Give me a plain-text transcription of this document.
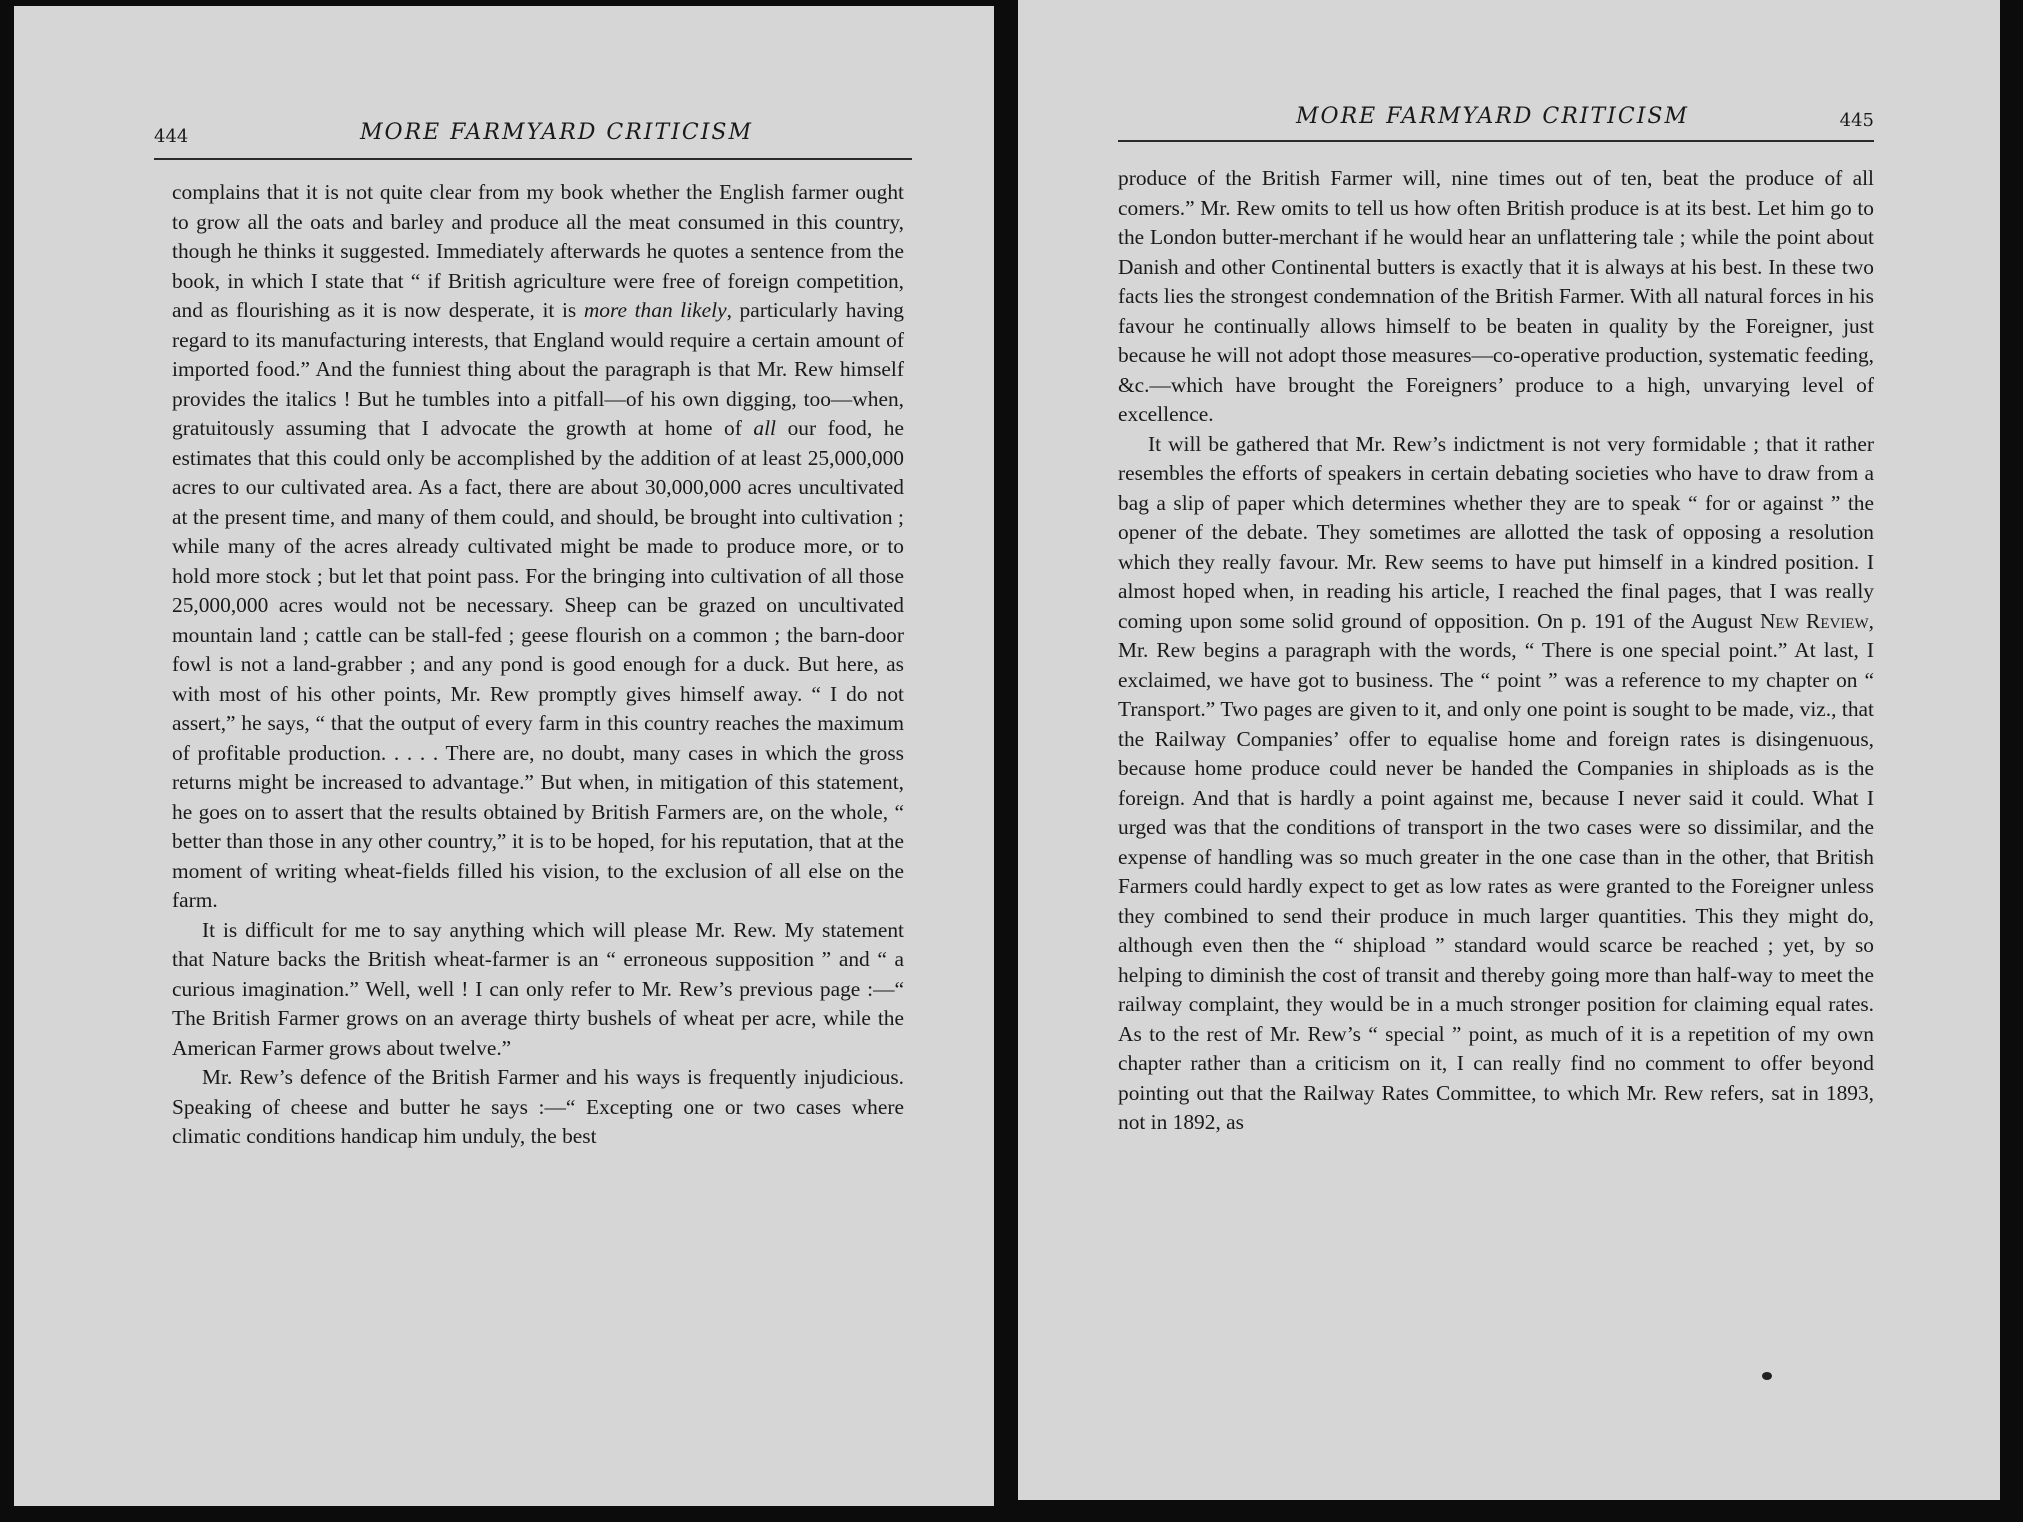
444	MORE FARMYARD CRITICISM

complains that it is not quite clear from my book whether the English farmer ought to grow all the oats and barley and produce all the meat consumed in this country, though he thinks it suggested. Immediately afterwards he quotes a sentence from the book, in which I state that “ if British agriculture were free of foreign competition, and as flourishing as it is now desperate, it is more than likely, particularly having regard to its manufacturing interests, that England would require a certain amount of imported food.” And the funniest thing about the paragraph is that Mr. Rew himself provides the italics ! But he tumbles into a pitfall—of his own digging, too—when, gratuitously assuming that I advocate the growth at home of all our food, he estimates that this could only be accomplished by the addition of at least 25,000,000 acres to our cultivated area. As a fact, there are about 30,000,000 acres uncultivated at the present time, and many of them could, and should, be brought into cultivation ; while many of the acres already cultivated might be made to produce more, or to hold more stock ; but let that point pass. For the bringing into cultivation of all those 25,000,000 acres would not be necessary. Sheep can be grazed on uncultivated mountain land ; cattle can be stall-fed ; geese flourish on a common ; the barn-door fowl is not a land-grabber ; and any pond is good enough for a duck. But here, as with most of his other points, Mr. Rew promptly gives himself away. “ I do not assert,” he says, “ that the output of every farm in this country reaches the maximum of profitable production. . . . . There are, no doubt, many cases in which the gross returns might be increased to advantage.” But when, in mitigation of this statement, he goes on to assert that the results obtained by British Farmers are, on the whole, “ better than those in any other country,” it is to be hoped, for his reputation, that at the moment of writing wheat-fields filled his vision, to the exclusion of all else on the farm.

It is difficult for me to say anything which will please Mr. Rew. My statement that Nature backs the British wheat-farmer is an “ erroneous supposition ” and “ a curious imagination.” Well, well ! I can only refer to Mr. Rew’s previous page :—“ The British Farmer grows on an average thirty bushels of wheat per acre, while the American Farmer grows about twelve.”

Mr. Rew’s defence of the British Farmer and his ways is frequently injudicious. Speaking of cheese and butter he says :—“ Excepting one or two cases where climatic conditions handicap him unduly, the best

MORE FARMYARD CRITICISM	445

produce of the British Farmer will, nine times out of ten, beat the produce of all comers.” Mr. Rew omits to tell us how often British produce is at its best. Let him go to the London butter-merchant if he would hear an unflattering tale ; while the point about Danish and other Continental butters is exactly that it is always at his best. In these two facts lies the strongest condemnation of the British Farmer. With all natural forces in his favour he continually allows himself to be beaten in quality by the Foreigner, just because he will not adopt those measures—co-operative production, systematic feeding, &c.—which have brought the Foreigners’ produce to a high, unvarying level of excellence.

It will be gathered that Mr. Rew’s indictment is not very formidable ; that it rather resembles the efforts of speakers in certain debating societies who have to draw from a bag a slip of paper which determines whether they are to speak “ for or against ” the opener of the debate. They sometimes are allotted the task of opposing a resolution which they really favour. Mr. Rew seems to have put himself in a kindred position. I almost hoped when, in reading his article, I reached the final pages, that I was really coming upon some solid ground of opposition. On p. 191 of the August New Review, Mr. Rew begins a paragraph with the words, “ There is one special point.” At last, I exclaimed, we have got to business. The “ point ” was a reference to my chapter on “ Transport.” Two pages are given to it, and only one point is sought to be made, viz., that the Railway Companies’ offer to equalise home and foreign rates is disingenuous, because home produce could never be handed the Companies in shiploads as is the foreign. And that is hardly a point against me, because I never said it could. What I urged was that the conditions of transport in the two cases were so dissimilar, and the expense of handling was so much greater in the one case than in the other, that British Farmers could hardly expect to get as low rates as were granted to the Foreigner unless they combined to send their produce in much larger quantities. This they might do, although even then the “ shipload ” standard would scarce be reached ; yet, by so helping to diminish the cost of transit and thereby going more than half-way to meet the railway complaint, they would be in a much stronger position for claiming equal rates. As to the rest of Mr. Rew’s “ special ” point, as much of it is a repetition of my own chapter rather than a criticism on it, I can really find no comment to offer beyond pointing out that the Railway Rates Committee, to which Mr. Rew refers, sat in 1893, not in 1892, as
